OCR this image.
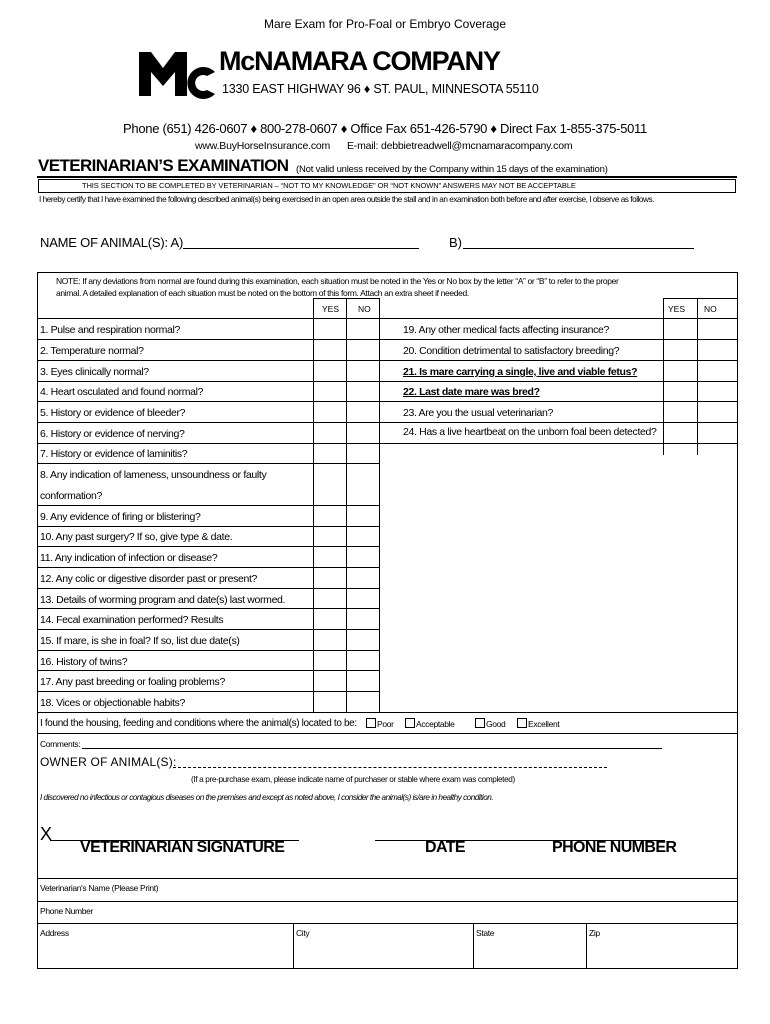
Mare Exam for Pro-Foal or Embryo Coverage
McNAMARA COMPANY
1330 EAST HIGHWAY 96 ♦ ST. PAUL, MINNESOTA 55110
Phone (651) 426-0607 ♦ 800-278-0607 ♦ Office Fax 651-426-5790 ♦ Direct Fax 1-855-375-5011
www.BuyHorseInsurance.com E-mail: debbietreadwell@mcnamaracompany.com
VETERINARIAN’S EXAMINATION (Not valid unless received by the Company within 15 days of the examination)
THIS SECTION TO BE COMPLETED BY VETERINARIAN – “NOT TO MY KNOWLEDGE” OR “NOT KNOWN” ANSWERS MAY NOT BE ACCEPTABLE
I hereby certify that I have examined the following described animal(s) being exercised in an open area outside the stall and in an examination both before and after exercise, I observe as follows.
NAME OF ANIMAL(S): A)	B)
NOTE: If any deviations from normal are found during this examination, each situation must be noted in the Yes or No box by the letter “A” or “B” to refer to the proper
animal. A detailed explanation of each situation must be noted on the bottom of this form. Attach an extra sheet if needed.
YES NO	YES NO
1. Pulse and respiration normal?
2. Temperature normal?
3. Eyes clinically normal?
4. Heart osculated and found normal?
5. History or evidence of bleeder?
6. History or evidence of nerving?
7. History or evidence of laminitis?
8. Any indication of lameness, unsoundness or faulty
conformation?
9. Any evidence of firing or blistering?
10. Any past surgery? If so, give type & date.
11. Any indication of infection or disease?
12. Any colic or digestive disorder past or present?
13. Details of worming program and date(s) last wormed.
14. Fecal examination performed? Results
15. If mare, is she in foal? If so, list due date(s)
16. History of twins?
17. Any past breeding or foaling problems?
18. Vices or objectionable habits?
19. Any other medical facts affecting insurance?
20. Condition detrimental to satisfactory breeding?
21. Is mare carrying a single, live and viable fetus?
22. Last date mare was bred?
23. Are you the usual veterinarian?
24. Has a live heartbeat on the unborn foal been detected?
I found the housing, feeding and conditions where the animal(s) located to be:	Poor	Acceptable	Good	Excellent
Comments:
OWNER OF ANIMAL(S):
(If a pre-purchase exam, please indicate name of purchaser or stable where exam was completed)
I discovered no infectious or contagious diseases on the premises and except as noted above, I consider the animal(s) is/are in healthy condition.
X
VETERINARIAN SIGNATURE	DATE	PHONE NUMBER
Veterinarian's Name (Please Print)
Phone Number
Address	City	State	Zip
